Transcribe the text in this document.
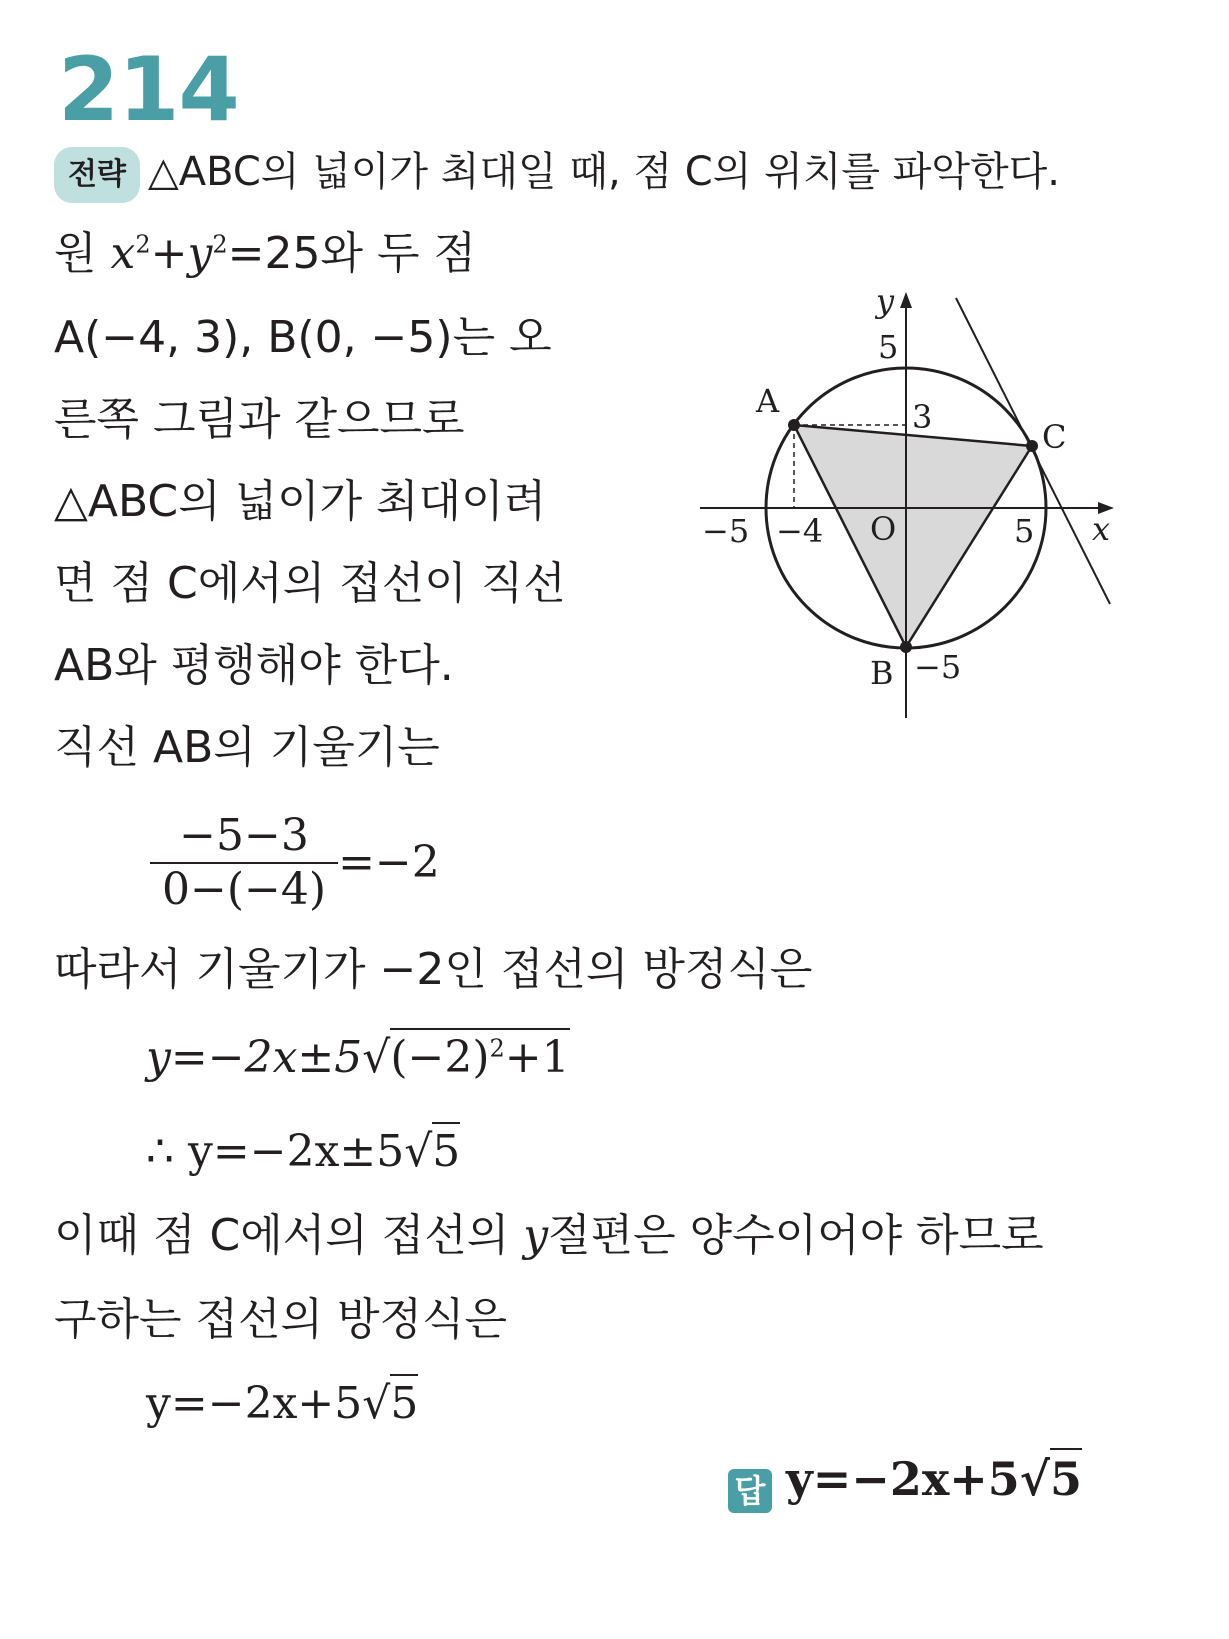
214
전략 △ABC의 넓이가 최대일 때, 점 C의 위치를 파악한다.
원 $x^2+y^2=25$와 두 점
A(−4, 3), B(0, −5)는 오
른쪽 그림과 같으므로
△ABC의 넓이가 최대이려
면 점 C에서의 접선이 직선
AB와 평행해야 한다.
직선 AB의 기울기는
$\frac{-5-3}{0-(-4)} =-2$
따라서 기울기가 −2인 접선의 방정식은
$y=-2x\pm 5√(-2)^2+1$
∴ y=−2x±5√5
이때 점 C에서의 접선의 y절편은 양수이어야 하므로
구하는 접선의 방정식은
y=−2x+5√5
답 y=−2x+5√5
y
x
O
A
C
B
5
3
−5 −4	5
−5
